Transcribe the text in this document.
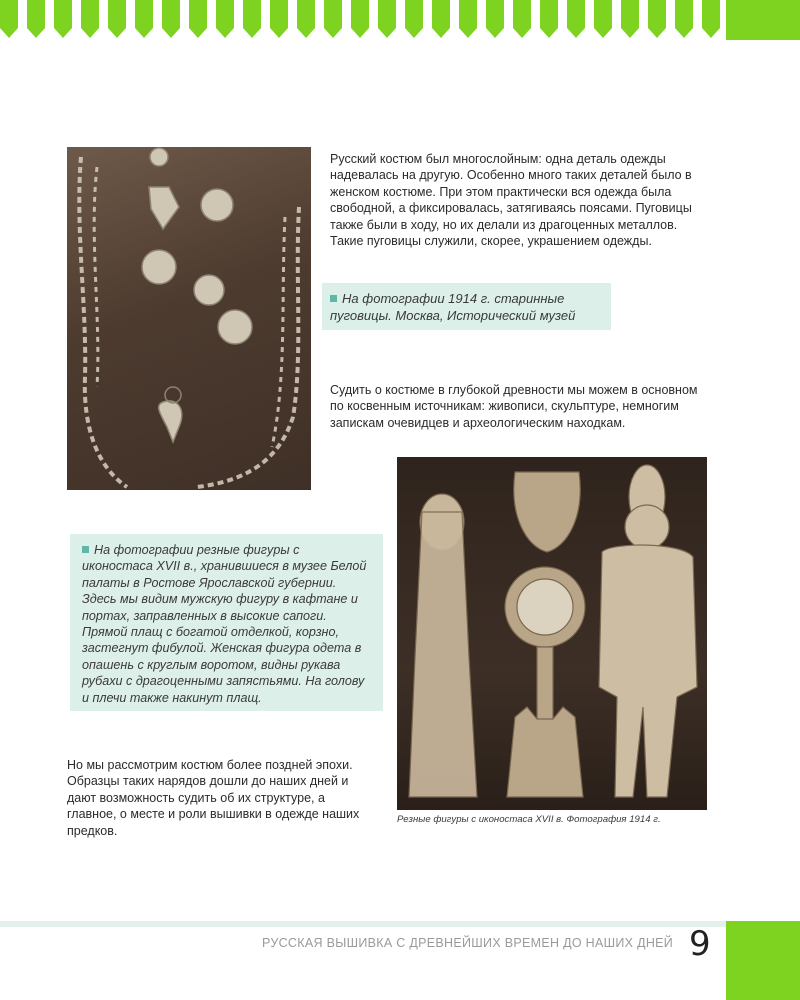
Русский костюм был многослойным: одна деталь одежды надевалась на другую. Особенно много таких деталей было в женском костюме. При этом практически вся одежда была свободной, а фиксировалась, затягиваясь поясами. Пуговицы также были в ходу, но их делали из драгоценных металлов. Такие пуговицы служили, скорее, украшением одежды.

На фотографии 1914 г. старинные пуговицы. Москва, Исторический музей

Судить о костюме в глубокой древности мы можем в основном по косвенным источникам: живописи, скульптуре, немногим запискам очевидцев и археологическим находкам.

На фотографии резные фигуры с иконостаса XVII в., хранившиеся в музее Белой палаты в Ростове Ярославской губернии. Здесь мы видим мужскую фигуру в кафтане и портах, заправленных в высокие сапоги. Прямой плащ с богатой отделкой, корзно, застегнут фибулой. Женская фигура одета в опашень с круглым воротом, видны рукава рубахи с драгоценными запястьями. На голову и плечи также накинут плащ.

Резные фигуры с иконостаса XVII в. Фотография 1914 г.

Но мы рассмотрим костюм более поздней эпохи. Образцы таких нарядов дошли до наших дней и дают возможность судить об их структуре, а главное, о месте и роли вышивки в одежде наших предков.

РУССКАЯ ВЫШИВКА С ДРЕВНЕЙШИХ ВРЕМЕН ДО НАШИХ ДНЕЙ 9
